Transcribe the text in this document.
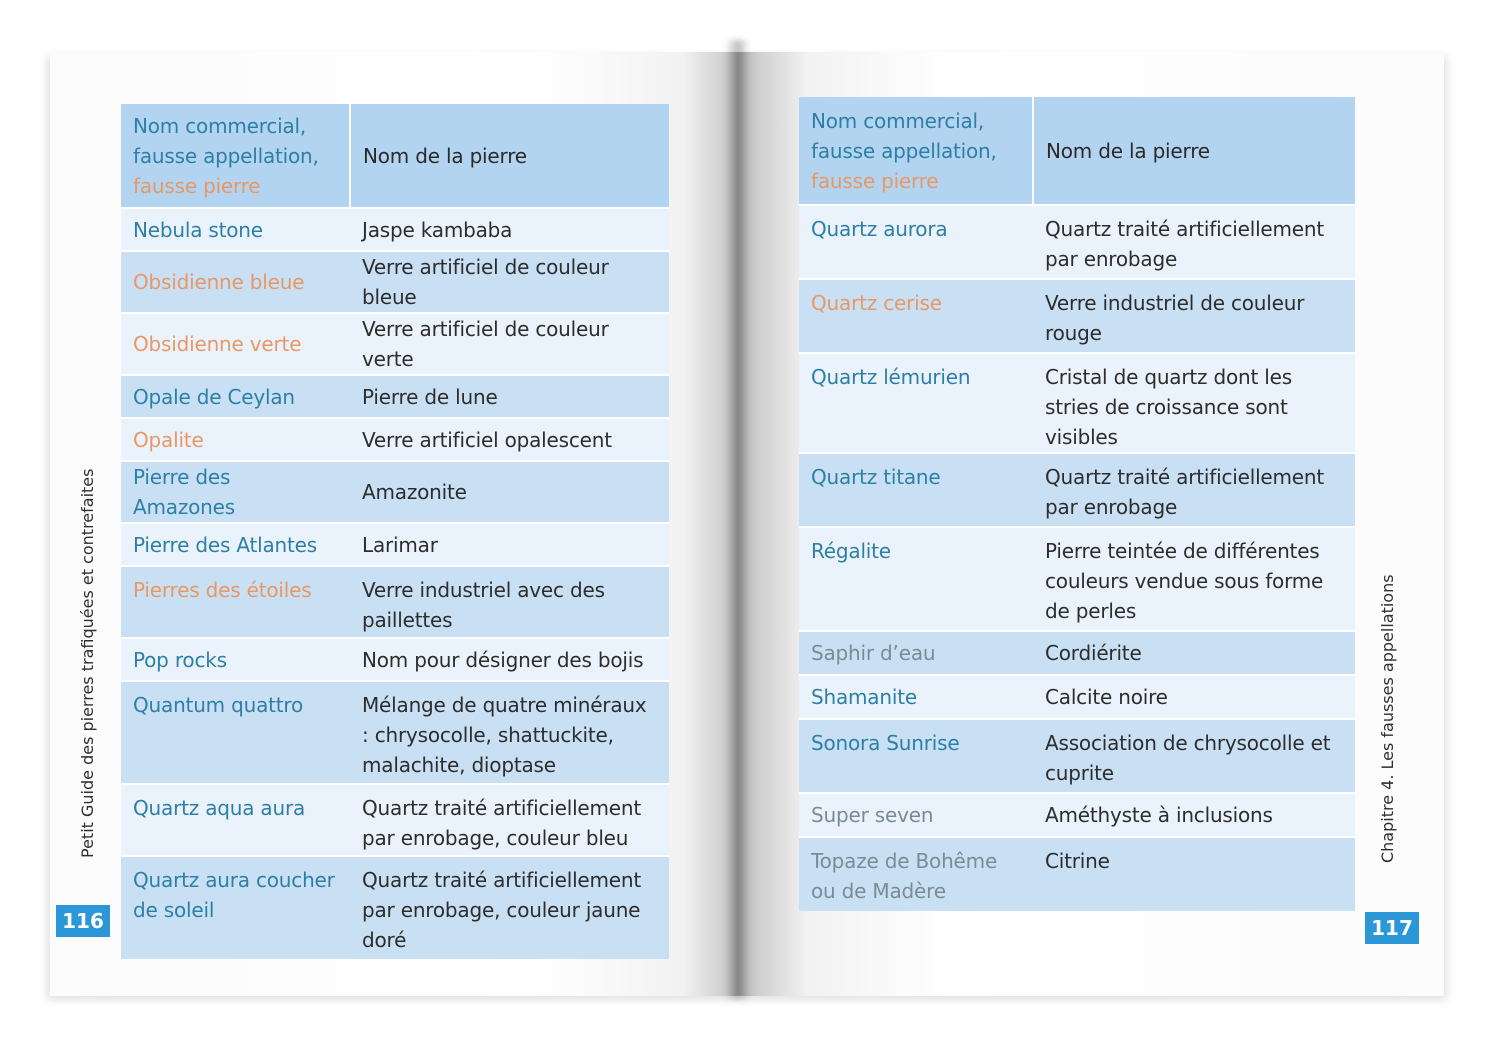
Nom commercial,
fausse appellation,
fausse pierre	Nom de la pierre
Nebula stone	Jaspe kambaba
Obsidienne bleue	Verre artificiel de couleur bleue
Obsidienne verte	Verre artificiel de couleur verte
Opale de Ceylan	Pierre de lune
Opalite	Verre artificiel opalescent
Pierre des Amazones	Amazonite
Pierre des Atlantes	Larimar
Pierres des étoiles	Verre industriel avec des paillettes
Pop rocks	Nom pour désigner des bojis
Quantum quattro	Mélange de quatre minéraux : chrysocolle, shattuckite, malachite, dioptase
Quartz aqua aura	Quartz traité artificiellement par enrobage, couleur bleu
Quartz aura coucher de soleil	Quartz traité artificiellement par enrobage, couleur jaune doré
Nom commercial,
fausse appellation,
fausse pierre	Nom de la pierre
Quartz aurora	Quartz traité artificiellement par enrobage
Quartz cerise	Verre industriel de couleur rouge
Quartz lémurien	Cristal de quartz dont les stries de croissance sont visibles
Quartz titane	Quartz traité artificiellement par enrobage
Régalite	Pierre teintée de différentes couleurs vendue sous forme de perles
Saphir d’eau	Cordiérite
Shamanite	Calcite noire
Sonora Sunrise	Association de chrysocolle et cuprite
Super seven	Améthyste à inclusions
Topaze de Bohême ou de Madère	Citrine
Petit Guide des pierres trafiquées et contrefaites	Chapitre 4. Les fausses appellations
116	117
